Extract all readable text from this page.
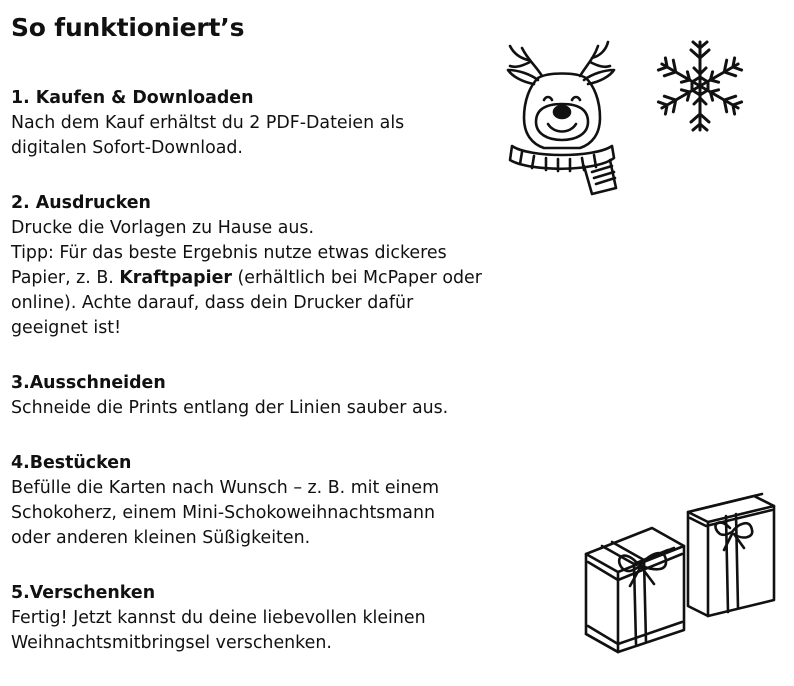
So funktioniert’s
1. Kaufen & Downloaden
Nach dem Kauf erhältst du 2 PDF-Dateien als
digitalen Sofort-Download.
2. Ausdrucken
Drucke die Vorlagen zu Hause aus.
Tipp: Für das beste Ergebnis nutze etwas dickeres
Papier, z. B. Kraftpapier (erhältlich bei McPaper oder
online). Achte darauf, dass dein Drucker dafür
geeignet ist!
3.Ausschneiden
Schneide die Prints entlang der Linien sauber aus.
4.Bestücken
Befülle die Karten nach Wunsch – z. B. mit einem
Schokoherz, einem Mini-Schokoweihnachtsmann
oder anderen kleinen Süßigkeiten.
5.Verschenken
Fertig! Jetzt kannst du deine liebevollen kleinen
Weihnachtsmitbringsel verschenken.
